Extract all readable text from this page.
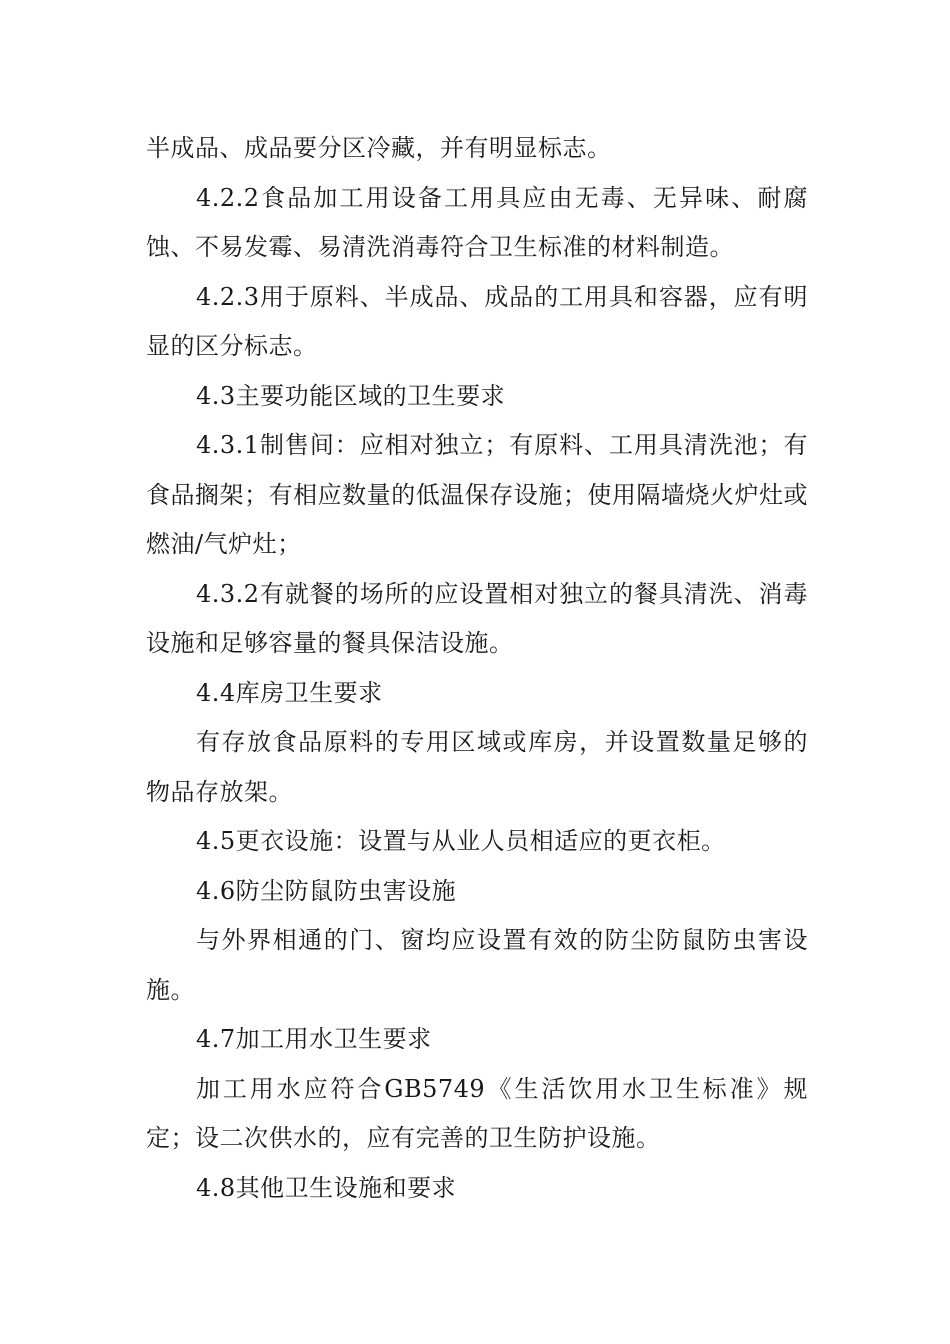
半成品、成品要分区冷藏，并有明显标志。

4.2.2食品加工用设备工用具应由无毒、无异味、耐腐蚀、不易发霉、易清洗消毒符合卫生标准的材料制造。

4.2.3用于原料、半成品、成品的工用具和容器，应有明显的区分标志。

4.3主要功能区域的卫生要求

4.3.1制售间：应相对独立；有原料、工用具清洗池；有食品搁架；有相应数量的低温保存设施；使用隔墙烧火炉灶或燃油/气炉灶；

4.3.2有就餐的场所的应设置相对独立的餐具清洗、消毒设施和足够容量的餐具保洁设施。

4.4库房卫生要求

有存放食品原料的专用区域或库房，并设置数量足够的物品存放架。

4.5更衣设施：设置与从业人员相适应的更衣柜。

4.6防尘防鼠防虫害设施

与外界相通的门、窗均应设置有效的防尘防鼠防虫害设施。

4.7加工用水卫生要求

加工用水应符合GB5749《生活饮用水卫生标准》规定；设二次供水的，应有完善的卫生防护设施。

4.8其他卫生设施和要求
